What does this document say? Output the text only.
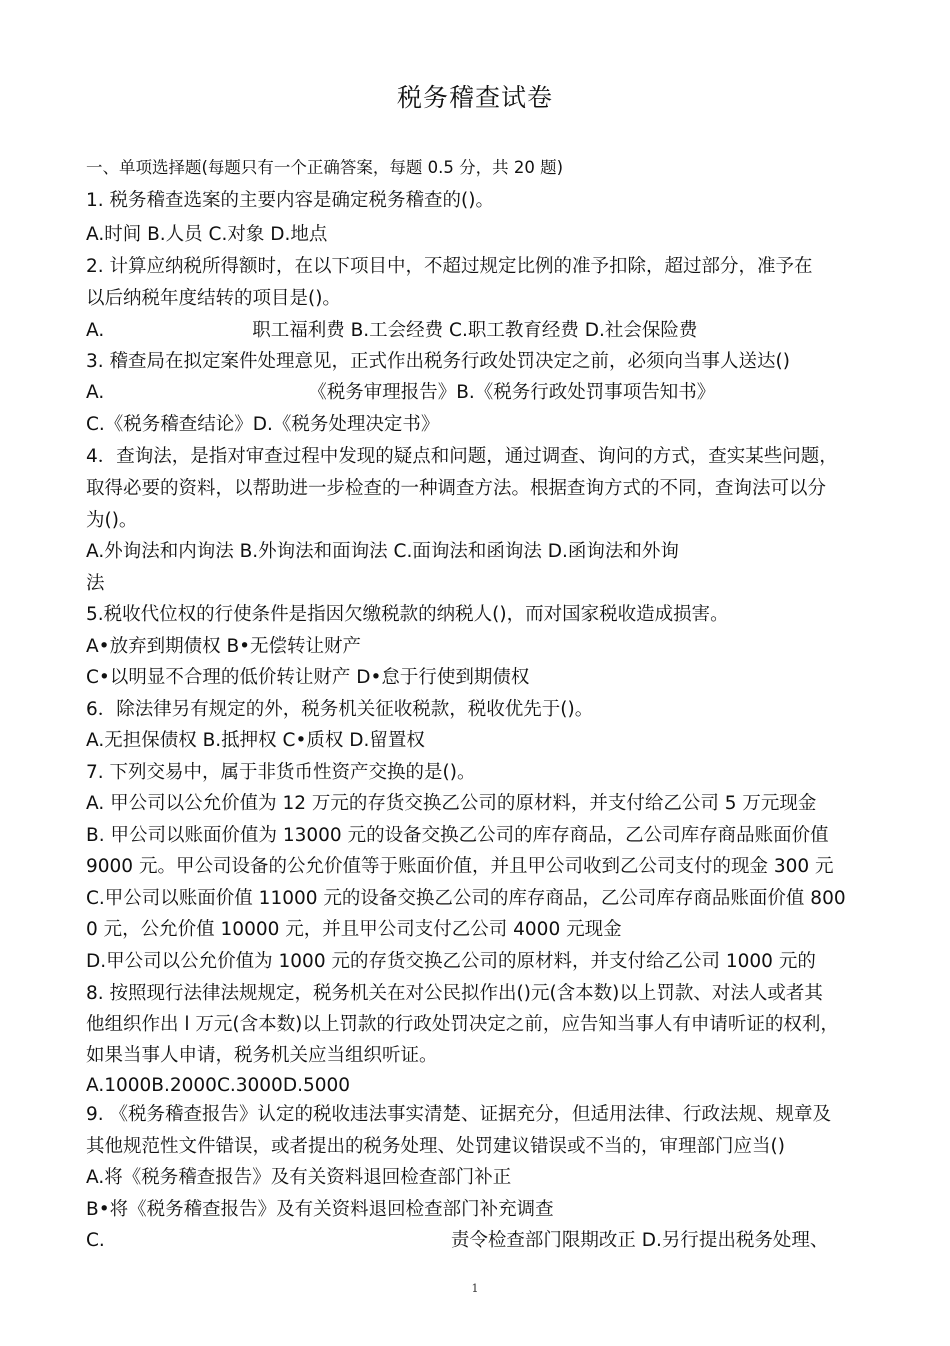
税务稽查试卷
一、单项选择题(每题只有一个正确答案，每题 0.5 分，共 20 题)
1. 税务稽查选案的主要内容是确定税务稽查的()。
A.时间 B.人员 C.对象 D.地点
2. 计算应纳税所得额时，在以下项目中，不超过规定比例的准予扣除，超过部分，准予在
以后纳税年度结转的项目是()。
A.	职工福利费 B.工会经费 C.职工教育经费 D.社会保险费
3. 稽查局在拟定案件处理意见，正式作出税务行政处罚决定之前，必须向当事人送达()
A.	《税务审理报告》B.《税务行政处罚事项告知书》
C.《税务稽查结论》D.《税务处理决定书》
4．查询法，是指对审查过程中发现的疑点和问题，通过调查、询问的方式，查实某些问题，
取得必要的资料，以帮助进一步检查的一种调查方法。根据查询方式的不同，查询法可以分
为()。
A.外询法和内询法 B.外询法和面询法 C.面询法和函询法 D.函询法和外询
法
5.税收代位权的行使条件是指因欠缴税款的纳税人()，而对国家税收造成损害。
A•放弃到期债权 B•无偿转让财产
C•以明显不合理的低价转让财产 D•怠于行使到期债权
6．除法律另有规定的外，税务机关征收税款，税收优先于()。
A.无担保债权 B.抵押权 C•质权 D.留置权
7. 下列交易中，属于非货币性资产交换的是()。
A. 甲公司以公允价值为 12 万元的存货交换乙公司的原材料，并支付给乙公司 5 万元现金
B. 甲公司以账面价值为 13000 元的设备交换乙公司的库存商品，乙公司库存商品账面价值
9000 元。甲公司设备的公允价值等于账面价值，并且甲公司收到乙公司支付的现金 300 元
C.甲公司以账面价值 11000 元的设备交换乙公司的库存商品，乙公司库存商品账面价值 800
0 元，公允价值 10000 元，并且甲公司支付乙公司 4000 元现金
D.甲公司以公允价值为 1000 元的存货交换乙公司的原材料，并支付给乙公司 1000 元的
8. 按照现行法律法规规定，税务机关在对公民拟作出()元(含本数)以上罚款、对法人或者其
他组织作出 l 万元(含本数)以上罚款的行政处罚决定之前，应告知当事人有申请听证的权利，
如果当事人申请，税务机关应当组织听证。
A.1000B.2000C.3000D.5000
9. 《税务稽查报告》认定的税收违法事实清楚、证据充分，但适用法律、行政法规、规章及
其他规范性文件错误，或者提出的税务处理、处罚建议错误或不当的，审理部门应当()
A.将《税务稽查报告》及有关资料退回检查部门补正
B•将《税务稽查报告》及有关资料退回检查部门补充调查
C.	责令检查部门限期改正 D.另行提出税务处理、
1
